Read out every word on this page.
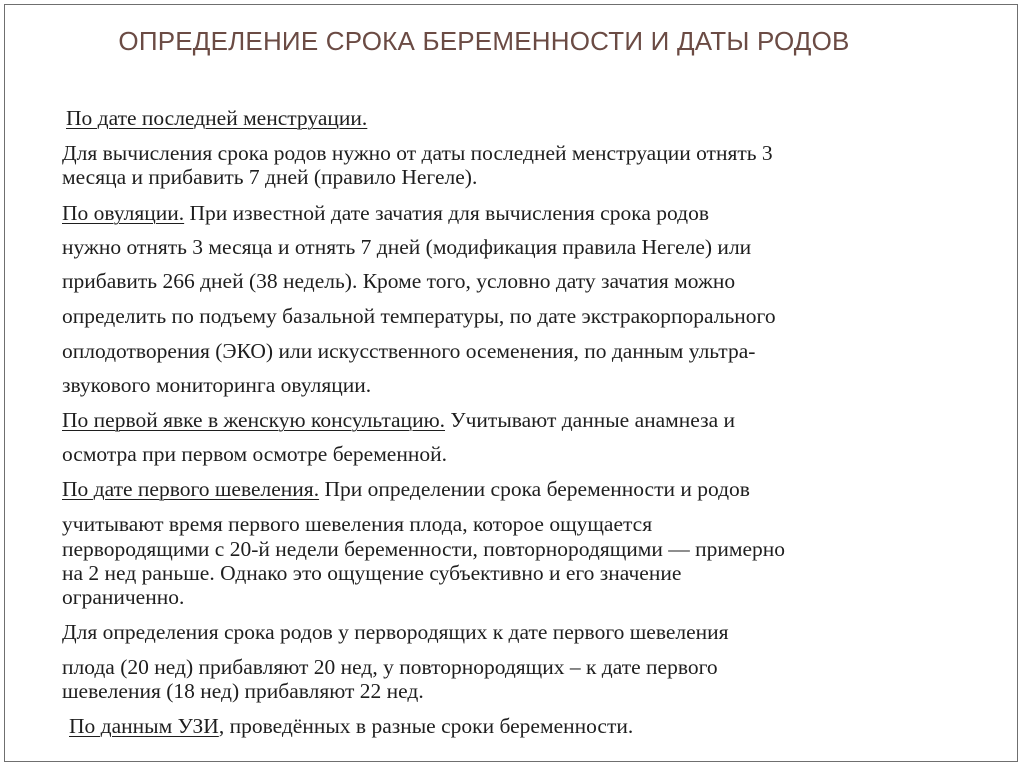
ОПРЕДЕЛЕНИЕ СРОКА БЕРЕМЕННОСТИ И ДАТЫ РОДОВ
По дате последней менструации.
Для вычисления срока родов нужно от даты последней менструации отнять 3
месяца и прибавить 7 дней (правило Негеле).
По овуляции. При известной дате зачатия для вычисления срока родов
нужно отнять 3 месяца и отнять 7 дней (модификация правила Негеле) или
прибавить 266 дней (38 недель). Кроме того, условно дату зачатия можно
определить по подъему базальной температуры, по дате экстракорпорального
оплодотворения (ЭКО) или искусственного осеменения, по данным ультра-
звукового мониторинга овуляции.
По первой явке в женскую консультацию. Учитывают данные анамнеза и
осмотра при первом осмотре беременной.
По дате первого шевеления. При определении срока беременности и родов
учитывают время первого шевеления плода, которое ощущается
первородящими с 20-й недели беременности, повторнородящими — примерно
на 2 нед раньше. Однако это ощущение субъективно и его значение
ограниченно.
Для определения срока родов у первородящих к дате первого шевеления
плода (20 нед) прибавляют 20 нед, у повторнородящих – к дате первого
шевеления (18 нед) прибавляют 22 нед.
По данным УЗИ, проведённых в разные сроки беременности.
